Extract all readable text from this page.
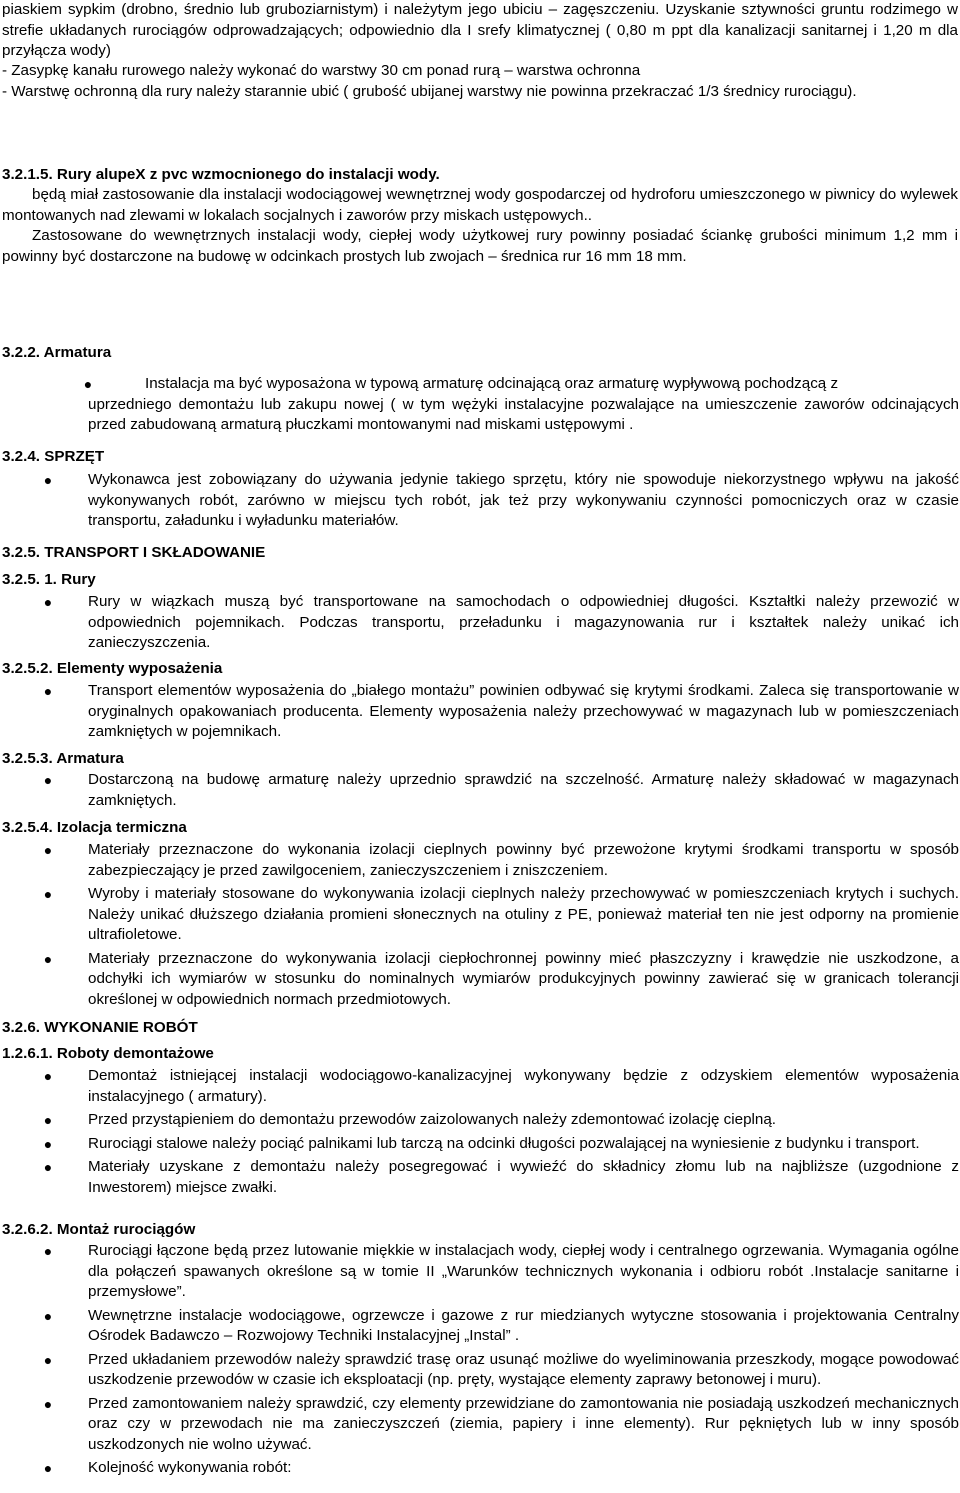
piaskiem sypkim (drobno, średnio lub gruboziarnistym) i należytym jego ubiciu – zagęszczeniu. Uzyskanie sztywności gruntu rodzimego w strefie układanych rurociągów odprowadzających; odpowiednio dla I srefy klimatycznej ( 0,80 m ppt dla kanalizacji sanitarnej i 1,20 m dla przyłącza wody)

- Zasypkę kanału rurowego należy wykonać do warstwy 30 cm ponad rurą – warstwa ochronna

- Warstwę ochronną dla rury należy starannie ubić ( grubość ubijanej warstwy nie powinna przekraczać 1/3 średnicy rurociągu).

3.2.1.5. Rury alupeX z pvc wzmocnionego do instalacji wody.

będą miał zastosowanie dla instalacji wodociągowej wewnętrznej wody gospodarczej od hydroforu umieszczonego w piwnicy do wylewek montowanych nad zlewami w lokalach socjalnych i zaworów przy miskach ustępowych..

Zastosowane do wewnętrznych instalacji wody, ciepłej wody użytkowej rury powinny posiadać ściankę grubości minimum 1,2 mm i powinny być dostarczone na budowę w odcinkach prostych lub zwojach – średnica rur 16 mm 18 mm.

3.2.2. Armatura

●	Instalacja ma być wyposażona w typową armaturę odcinającą oraz armaturę wypływową pochodzącą z

uprzedniego demontażu lub zakupu nowej ( w tym wężyki instalacyjne pozwalające na umieszczenie zaworów odcinających przed zabudowaną armaturą płuczkami montowanymi nad miskami ustępowymi .

3.2.4. SPRZĘT

●	Wykonawca jest zobowiązany do używania jedynie takiego sprzętu, który nie spowoduje niekorzystnego wpływu na jakość wykonywanych robót, zarówno w miejscu tych robót, jak też przy wykonywaniu czynności pomocniczych oraz w czasie transportu, załadunku i wyładunku materiałów.

3.2.5. TRANSPORT I SKŁADOWANIE

3.2.5. 1. Rury

●	Rury w wiązkach muszą być transportowane na samochodach o odpowiedniej długości. Kształtki należy przewozić w odpowiednich pojemnikach. Podczas transportu, przeładunku i magazynowania rur i kształtek należy unikać ich zanieczyszczenia.

3.2.5.2. Elementy wyposażenia

●	Transport elementów wyposażenia do „białego montażu” powinien odbywać się krytymi środkami. Zaleca się transportowanie w oryginalnych opakowaniach producenta. Elementy wyposażenia należy przechowywać w magazynach lub w pomieszczeniach zamkniętych w pojemnikach.

3.2.5.3. Armatura

●	Dostarczoną na budowę armaturę należy uprzednio sprawdzić na szczelność. Armaturę należy składować w magazynach zamkniętych.

3.2.5.4. Izolacja termiczna

●	Materiały przeznaczone do wykonania izolacji cieplnych powinny być przewożone krytymi środkami transportu w sposób zabezpieczający je przed zawilgoceniem, zanieczyszczeniem i zniszczeniem.

●	Wyroby i materiały stosowane do wykonywania izolacji cieplnych należy przechowywać w pomieszczeniach krytych i suchych. Należy unikać dłuższego działania promieni słonecznych na otuliny z PE, ponieważ materiał ten nie jest odporny na promienie ultrafioletowe.

●	Materiały przeznaczone do wykonywania izolacji ciepłochronnej powinny mieć płaszczyzny i krawędzie nie uszkodzone, a odchyłki ich wymiarów w stosunku do nominalnych wymiarów produkcyjnych powinny zawierać się w granicach tolerancji określonej w odpowiednich normach przedmiotowych.

3.2.6. WYKONANIE ROBÓT

1.2.6.1. Roboty demontażowe

●	Demontaż istniejącej instalacji wodociągowo-kanalizacyjnej wykonywany będzie z odzyskiem elementów wyposażenia instalacyjnego ( armatury).

●	Przed przystąpieniem do demontażu przewodów zaizolowanych należy zdemontować izolację cieplną.

●	Rurociągi stalowe należy pociąć palnikami lub tarczą na odcinki długości pozwalającej na wyniesienie z budynku i transport.

●	Materiały uzyskane z demontażu należy posegregować i wywieźć do składnicy złomu lub na najbliższe (uzgodnione z Inwestorem) miejsce zwałki.

3.2.6.2. Montaż rurociągów

●	Rurociągi łączone będą przez lutowanie miękkie w instalacjach wody, ciepłej wody i centralnego ogrzewania. Wymagania ogólne dla połączeń spawanych określone są w tomie II „Warunków technicznych wykonania i odbioru robót .Instalacje sanitarne i przemysłowe”.

●	Wewnętrzne instalacje wodociągowe, ogrzewcze i gazowe z rur miedzianych wytyczne stosowania i projektowania Centralny Ośrodek Badawczo – Rozwojowy Techniki Instalacyjnej „Instal” .

●	Przed układaniem przewodów należy sprawdzić trasę oraz usunąć możliwe do wyeliminowania przeszkody, mogące powodować uszkodzenie przewodów w czasie ich eksploatacji (np. pręty, wystające elementy zaprawy betonowej i muru).

●	Przed zamontowaniem należy sprawdzić, czy elementy przewidziane do zamontowania nie posiadają uszkodzeń mechanicznych oraz czy w przewodach nie ma zanieczyszczeń (ziemia, papiery i inne elementy). Rur pękniętych lub w inny sposób uszkodzonych nie wolno używać.

●	Kolejność wykonywania robót:
